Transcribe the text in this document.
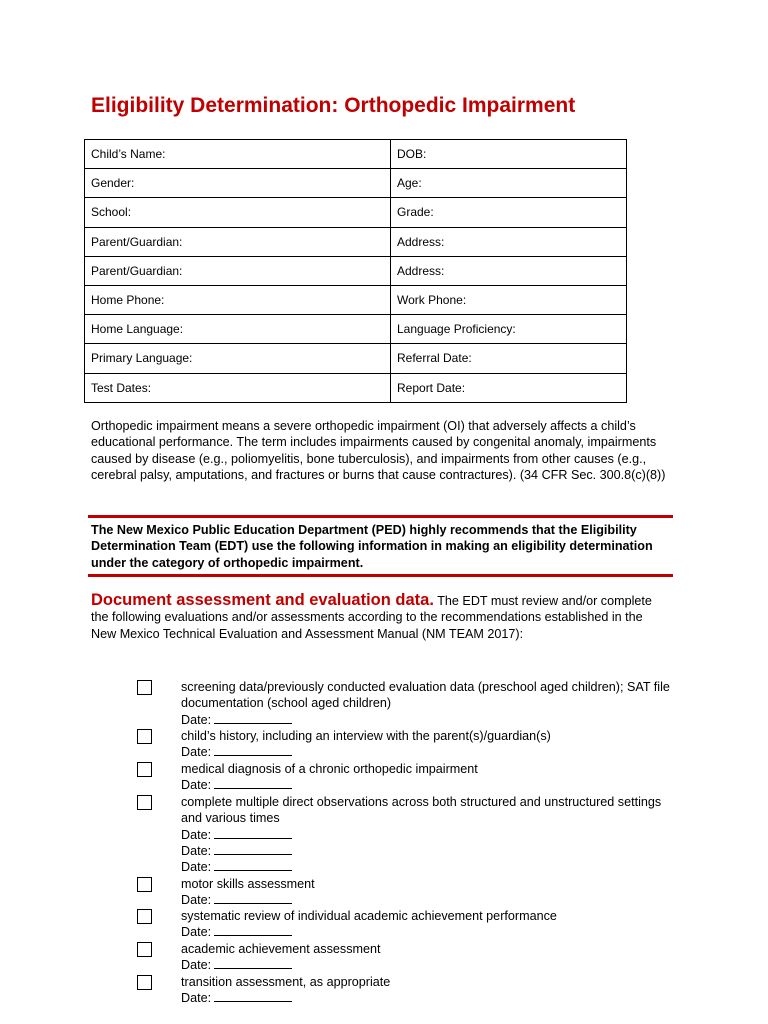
Eligibility Determination: Orthopedic Impairment
Child’s Name:	DOB:
Gender:	Age:
School:	Grade:
Parent/Guardian:	Address:
Parent/Guardian:	Address:
Home Phone:	Work Phone:
Home Language:	Language Proficiency:
Primary Language:	Referral Date:
Test Dates:	Report Date:
Orthopedic impairment means a severe orthopedic impairment (OI) that adversely affects a child’s educational performance. The term includes impairments caused by congenital anomaly, impairments caused by disease (e.g., poliomyelitis, bone tuberculosis), and impairments from other causes (e.g., cerebral palsy, amputations, and fractures or burns that cause contractures). (34 CFR Sec. 300.8(c)(8))
The New Mexico Public Education Department (PED) highly recommends that the Eligibility Determination Team (EDT) use the following information in making an eligibility determination under the category of orthopedic impairment.
Document assessment and evaluation data. The EDT must review and/or complete the following evaluations and/or assessments according to the recommendations established in the New Mexico Technical Evaluation and Assessment Manual (NM TEAM 2017):
screening data/previously conducted evaluation data (preschool aged children); SAT file documentation (school aged children)
Date:
child’s history, including an interview with the parent(s)/guardian(s)
Date:
medical diagnosis of a chronic orthopedic impairment
Date:
complete multiple direct observations across both structured and unstructured settings and various times
Date:
Date:
Date:
motor skills assessment
Date:
systematic review of individual academic achievement performance
Date:
academic achievement assessment
Date:
transition assessment, as appropriate
Date:
